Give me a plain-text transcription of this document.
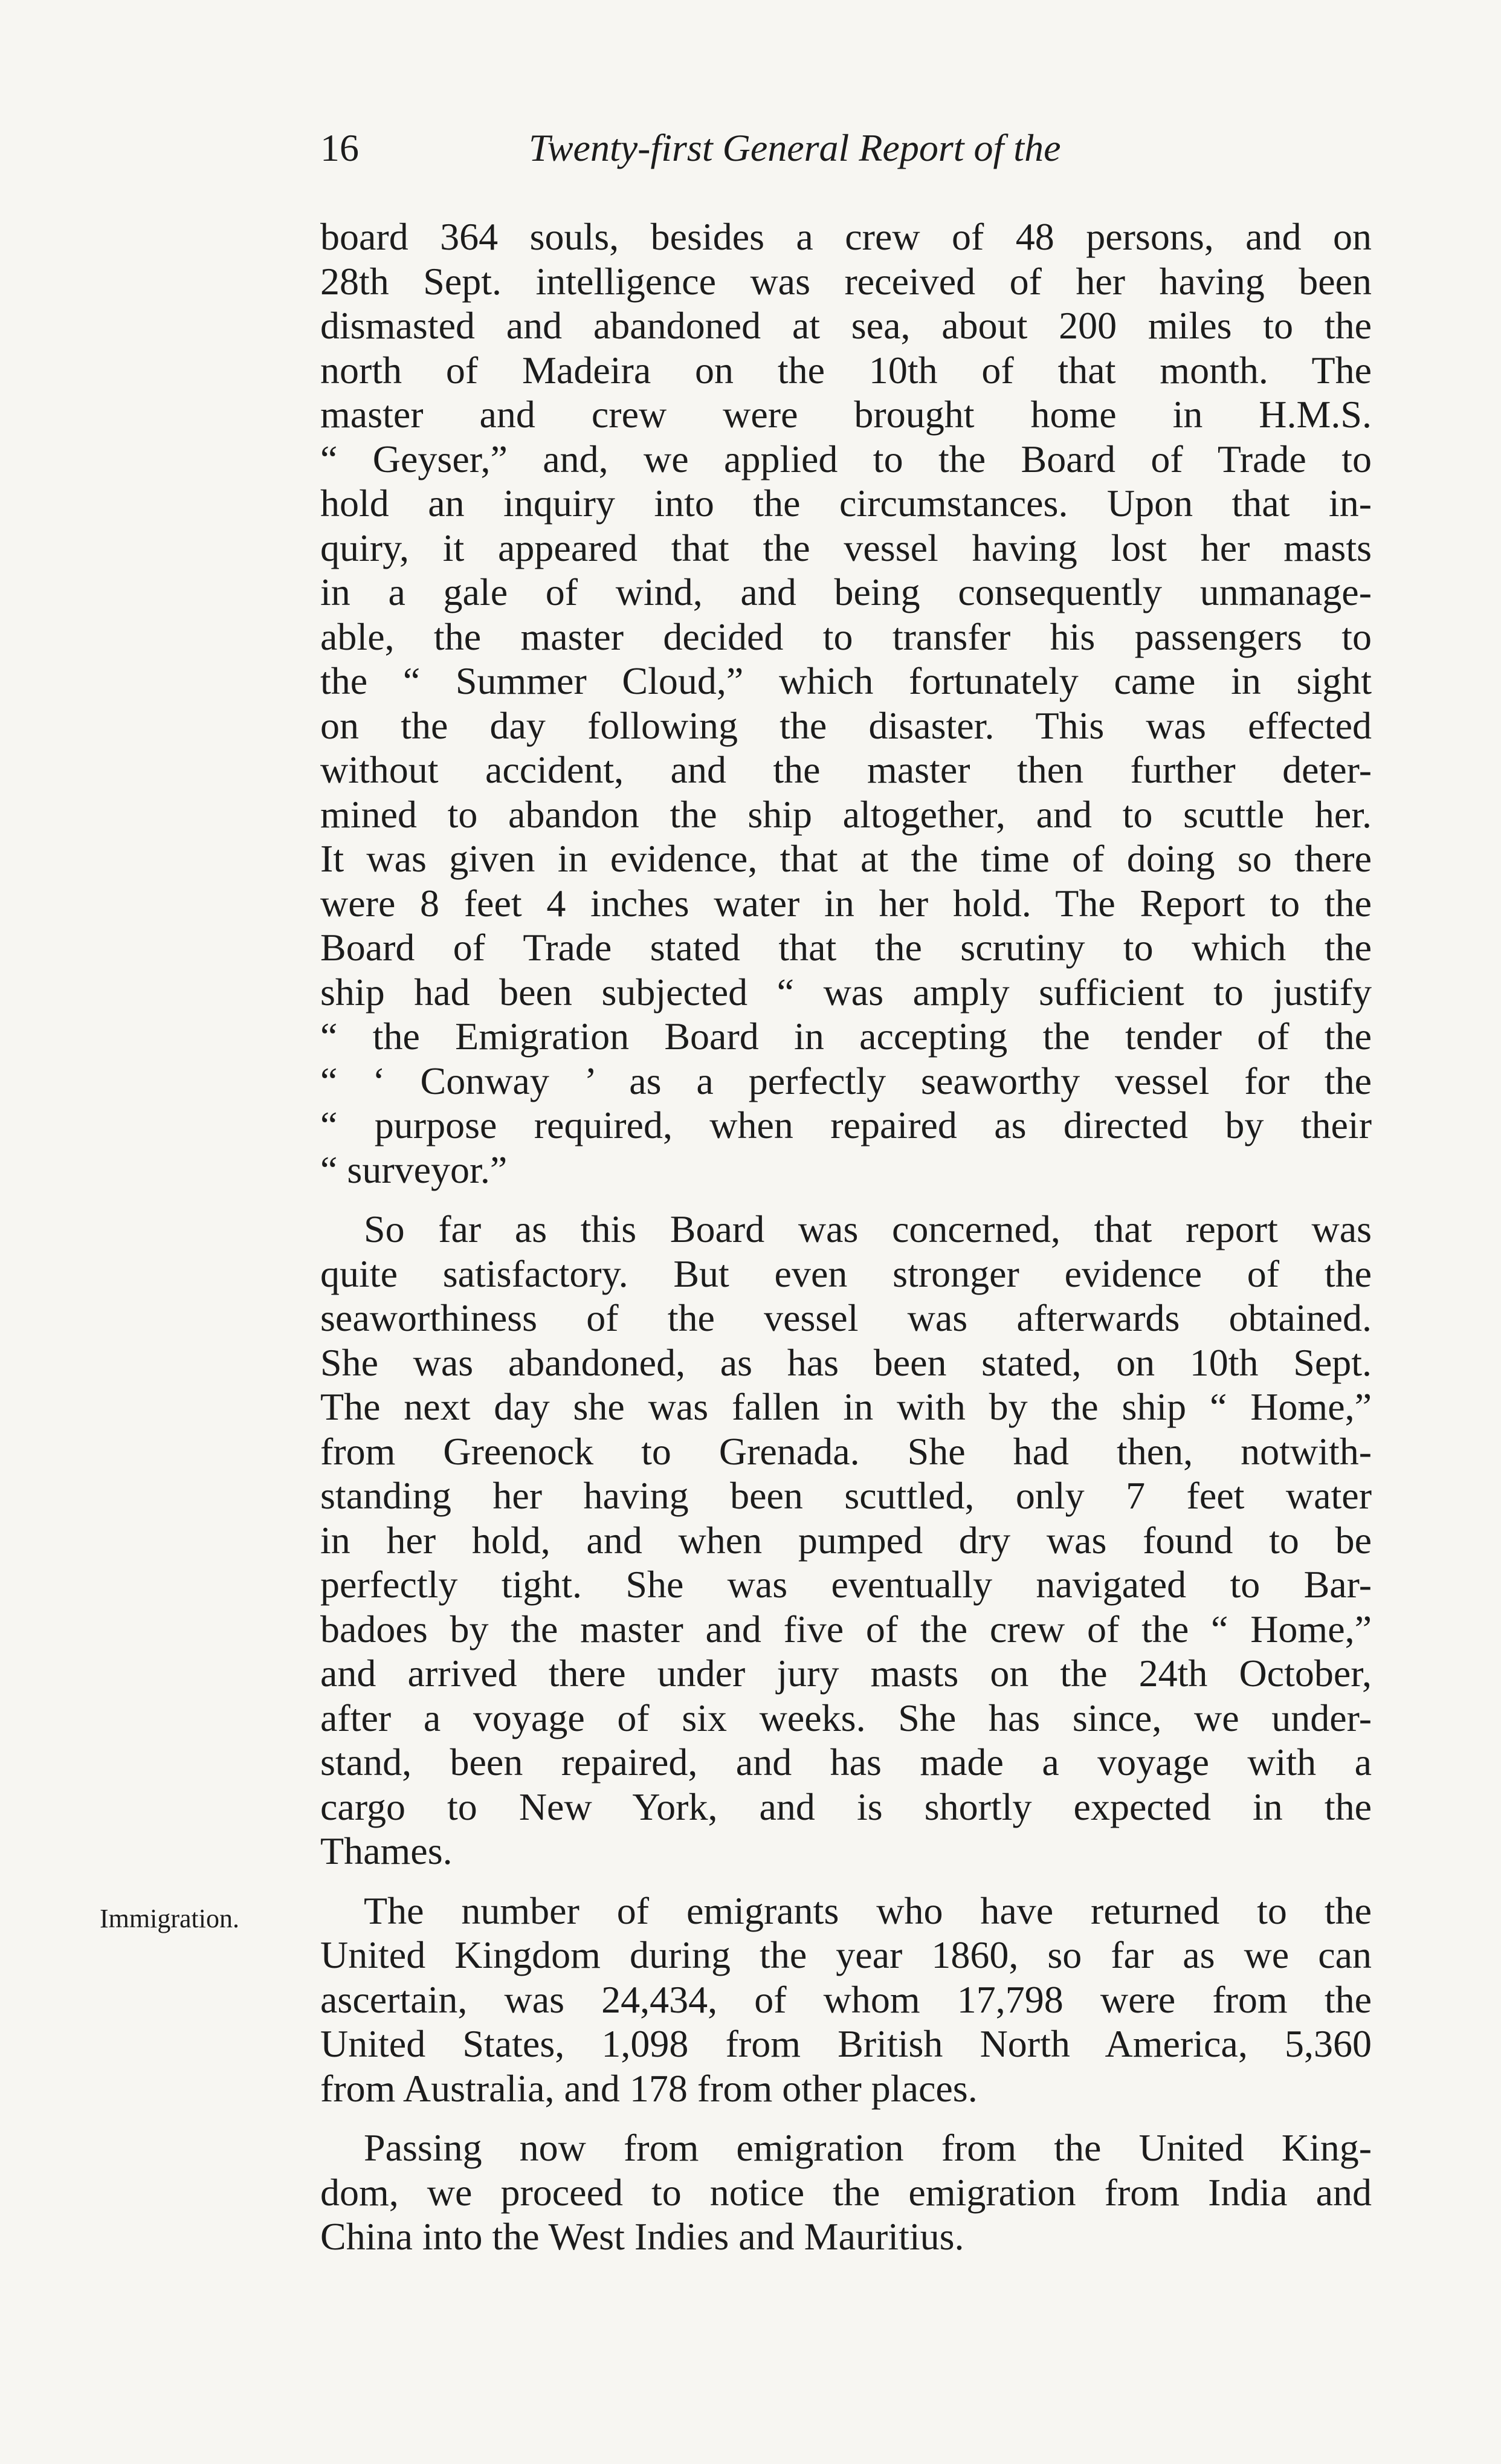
16	Twenty-first General Report of the
Immigration.
board 364 souls, besides a crew of 48 persons, and on
28th Sept. intelligence was received of her having been
dismasted and abandoned at sea, about 200 miles to the
north of Madeira on the 10th of that month. The
master and crew were brought home in H.M.S.
“ Geyser,” and, we applied to the Board of Trade to
hold an inquiry into the circumstances. Upon that in-
quiry, it appeared that the vessel having lost her masts
in a gale of wind, and being consequently unmanage-
able, the master decided to transfer his passengers to
the “ Summer Cloud,” which fortunately came in sight
on the day following the disaster. This was effected
without accident, and the master then further deter-
mined to abandon the ship altogether, and to scuttle her.
It was given in evidence, that at the time of doing so there
were 8 feet 4 inches water in her hold. The Report to the
Board of Trade stated that the scrutiny to which the
ship had been subjected “ was amply sufficient to justify
“ the Emigration Board in accepting the tender of the
“ ‘ Conway ’ as a perfectly seaworthy vessel for the
“ purpose required, when repaired as directed by their
“ surveyor.”
So far as this Board was concerned, that report was
quite satisfactory. But even stronger evidence of the
seaworthiness of the vessel was afterwards obtained.
She was abandoned, as has been stated, on 10th Sept.
The next day she was fallen in with by the ship “ Home,”
from Greenock to Grenada. She had then, notwith-
standing her having been scuttled, only 7 feet water
in her hold, and when pumped dry was found to be
perfectly tight. She was eventually navigated to Bar-
badoes by the master and five of the crew of the “ Home,”
and arrived there under jury masts on the 24th October,
after a voyage of six weeks. She has since, we under-
stand, been repaired, and has made a voyage with a
cargo to New York, and is shortly expected in the
Thames.
The number of emigrants who have returned to the
United Kingdom during the year 1860, so far as we can
ascertain, was 24,434, of whom 17,798 were from the
United States, 1,098 from British North America, 5,360
from Australia, and 178 from other places.
Passing now from emigration from the United King-
dom, we proceed to notice the emigration from India and
China into the West Indies and Mauritius.
